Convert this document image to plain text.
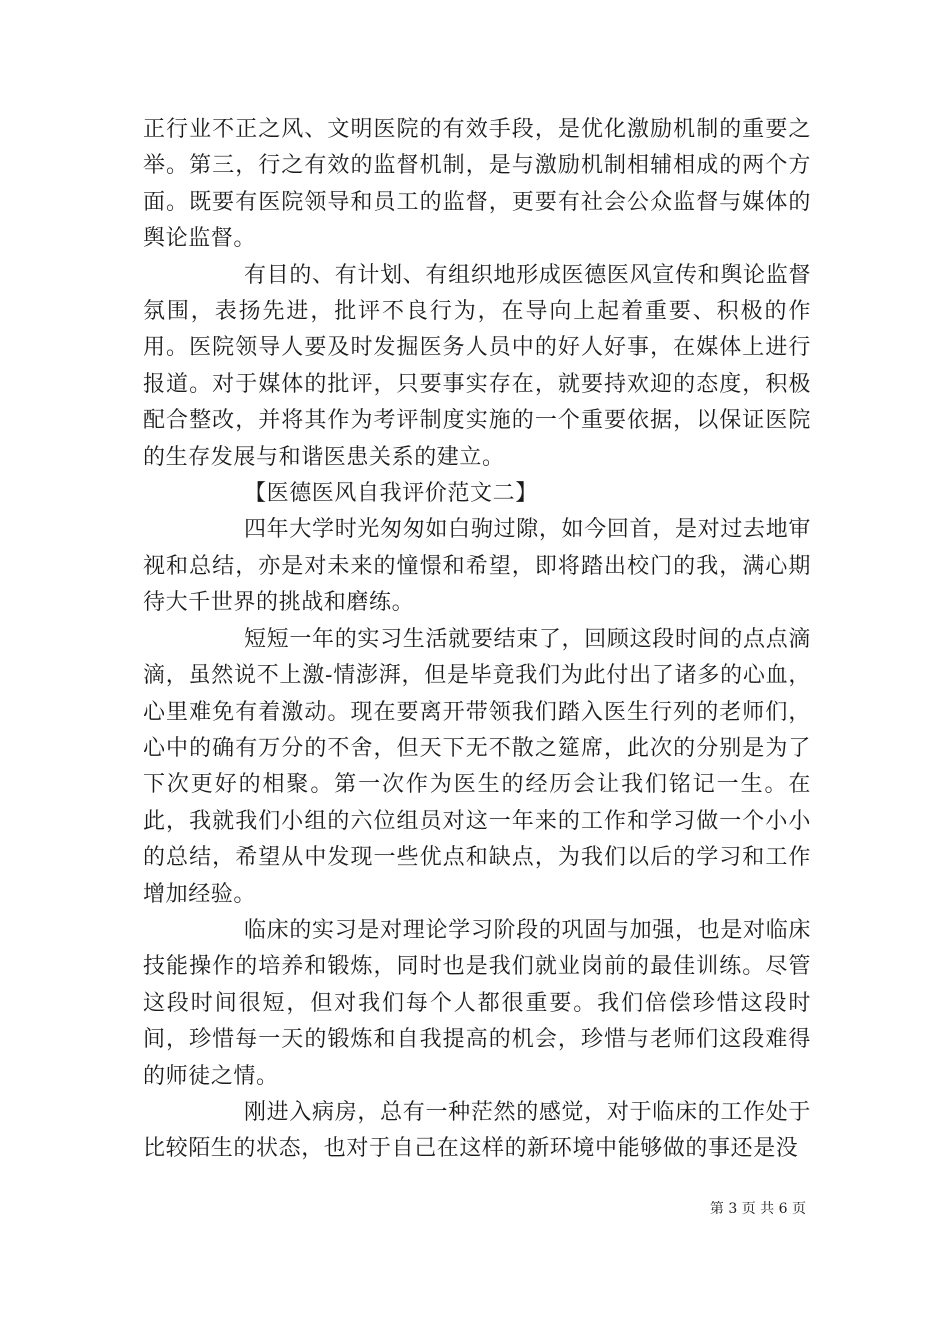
正行业不正之风、文明医院的有效手段，是优化激励机制的重要之举。第三，行之有效的监督机制，是与激励机制相辅相成的两个方面。既要有医院领导和员工的监督，更要有社会公众监督与媒体的舆论监督。

有目的、有计划、有组织地形成医德医风宣传和舆论监督氛围，表扬先进，批评不良行为，在导向上起着重要、积极的作用。医院领导人要及时发掘医务人员中的好人好事，在媒体上进行报道。对于媒体的批评，只要事实存在，就要持欢迎的态度，积极配合整改，并将其作为考评制度实施的一个重要依据，以保证医院的生存发展与和谐医患关系的建立。

【医德医风自我评价范文二】

四年大学时光匆匆如白驹过隙，如今回首，是对过去地审视和总结，亦是对未来的憧憬和希望，即将踏出校门的我，满心期待大千世界的挑战和磨练。

短短一年的实习生活就要结束了，回顾这段时间的点点滴滴，虽然说不上激-情澎湃，但是毕竟我们为此付出了诸多的心血，心里难免有着激动。现在要离开带领我们踏入医生行列的老师们，心中的确有万分的不舍，但天下无不散之筵席，此次的分别是为了下次更好的相聚。第一次作为医生的经历会让我们铭记一生。在此，我就我们小组的六位组员对这一年来的工作和学习做一个小小的总结，希望从中发现一些优点和缺点，为我们以后的学习和工作增加经验。

临床的实习是对理论学习阶段的巩固与加强，也是对临床技能操作的培养和锻炼，同时也是我们就业岗前的最佳训练。尽管这段时间很短，但对我们每个人都很重要。我们倍偿珍惜这段时间，珍惜每一天的锻炼和自我提高的机会，珍惜与老师们这段难得的师徒之情。

刚进入病房，总有一种茫然的感觉，对于临床的工作处于比较陌生的状态，也对于自己在这样的新环境中能够做的事还是没

第 3 页 共 6 页
